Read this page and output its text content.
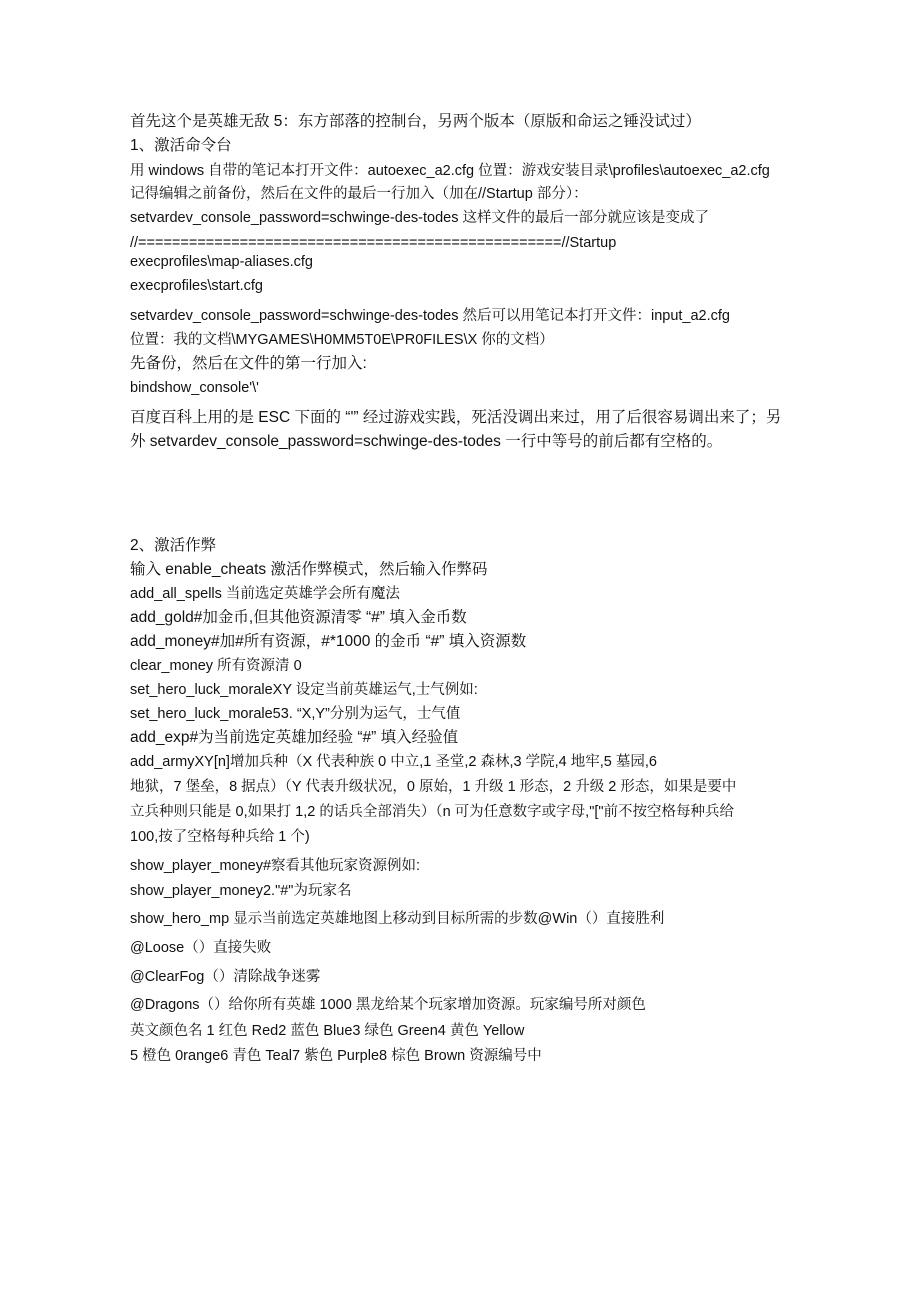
首先这个是英雄无敌 5：东方部落的控制台，另两个版本（原版和命运之锤没试过）
1、激活命令台
用 windows 自带的笔记本打开文件：autoexec_a2.cfg 位置：游戏安装目录\profiles\autoexec_a2.cfg
记得编辑之前备份，然后在文件的最后一行加入（加在//Startup 部分）：
setvardev_console_password=schwinge-des-todes 这样文件的最后一部分就应该是变成了
//==================================================//Startup
execprofiles\map-aliases.cfg
execprofiles\start.cfg
setvardev_console_password=schwinge-des-todes 然后可以用笔记本打开文件：input_a2.cfg
位置：我的文档\MYGAMES\H0MM5T0E\PR0FILES\X 你的文档）
先备份，然后在文件的第一行加入:
bindshow_console'\'
百度百科上用的是 ESC 下面的 “'” 经过游戏实践，死活没调出来过，用了后很容易调出来了；另
外 setvardev_console_password=schwinge-des-todes 一行中等号的前后都有空格的。
2、激活作弊
输入 enable_cheats 激活作弊模式，然后输入作弊码
add_all_spells 当前选定英雄学会所有魔法
add_gold#加金币,但其他资源清零 “#” 填入金币数
add_money#加#所有资源，#*1000 的金币 “#” 填入资源数
clear_money 所有资源清 0
set_hero_luck_moraleXY 设定当前英雄运气,士气例如:
set_hero_luck_morale53. “X,Y”分别为运气，士气值
add_exp#为当前选定英雄加经验 “#” 填入经验值
add_armyXY[n]增加兵种（X 代表种族 0 中立,1 圣堂,2 森林,3 学院,4 地牢,5 墓园,6
地狱，7 堡垒，8 据点）（Y 代表升级状况，0 原始，1 升级 1 形态，2 升级 2 形态，如果是要中
立兵种则只能是 0,如果打 1,2 的话兵全部消失）（n 可为任意数字或字母,"["前不按空格每种兵给
100,按了空格每种兵给 1 个)
show_player_money#察看其他玩家资源例如:
show_player_money2."#"为玩家名
show_hero_mp 显示当前选定英雄地图上移动到目标所需的步数@Win（）直接胜利
@Loose（）直接失败
@ClearFog（）清除战争迷雾
@Dragons（）给你所有英雄 1000 黑龙给某个玩家增加资源。玩家编号所对颜色
英文颜色名 1 红色 Red2 蓝色 Blue3 绿色 Green4 黄色 Yellow
5 橙色 0range6 青色 Teal7 紫色 Purple8 棕色 Brown 资源编号中
